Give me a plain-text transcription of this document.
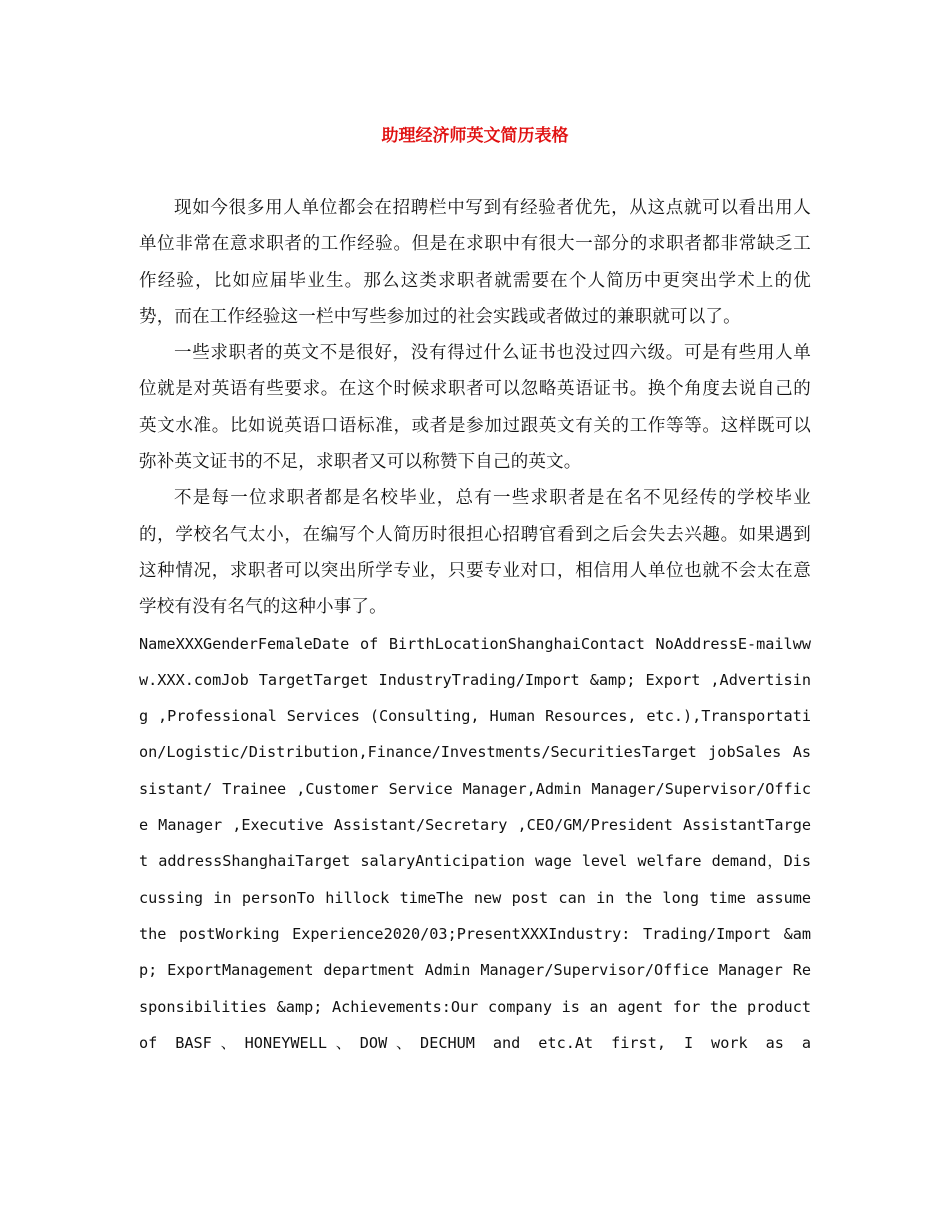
助理经济师英文简历表格

现如今很多用人单位都会在招聘栏中写到有经验者优先，从这点就可以看出用人单位非常在意求职者的工作经验。但是在求职中有很大一部分的求职者都非常缺乏工作经验，比如应届毕业生。那么这类求职者就需要在个人简历中更突出学术上的优势，而在工作经验这一栏中写些参加过的社会实践或者做过的兼职就可以了。

一些求职者的英文不是很好，没有得过什么证书也没过四六级。可是有些用人单位就是对英语有些要求。在这个时候求职者可以忽略英语证书。换个角度去说自己的英文水准。比如说英语口语标准，或者是参加过跟英文有关的工作等等。这样既可以弥补英文证书的不足，求职者又可以称赞下自己的英文。

不是每一位求职者都是名校毕业，总有一些求职者是在名不见经传的学校毕业的，学校名气太小，在编写个人简历时很担心招聘官看到之后会失去兴趣。如果遇到这种情况，求职者可以突出所学专业，只要专业对口，相信用人单位也就不会太在意学校有没有名气的这种小事了。

NameXXXGenderFemaleDate of BirthLocationShanghaiContact NoAddressE-mailwww.XXX.comJob TargetTarget IndustryTrading/Import &amp; Export ,Advertising ,Professional Services (Consulting, Human Resources, etc.),Transportation/Logistic/Distribution,Finance/Investments/SecuritiesTarget jobSales Assistant/ Trainee ,Customer Service Manager,Admin Manager/Supervisor/Office Manager ,Executive Assistant/Secretary ,CEO/GM/President AssistantTarget addressShanghaiTarget salaryAnticipation wage level welfare demand，Discussing in personTo hillock timeThe new post can in the long time assume the postWorking Experience2020/03;PresentXXXIndustry: Trading/Import &amp; ExportManagement department Admin Manager/Supervisor/Office Manager Responsibilities &amp; Achievements:Our company is an agent for the product of BASF、HONEYWELL、DOW、DECHUM and etc.At first, I work as a
